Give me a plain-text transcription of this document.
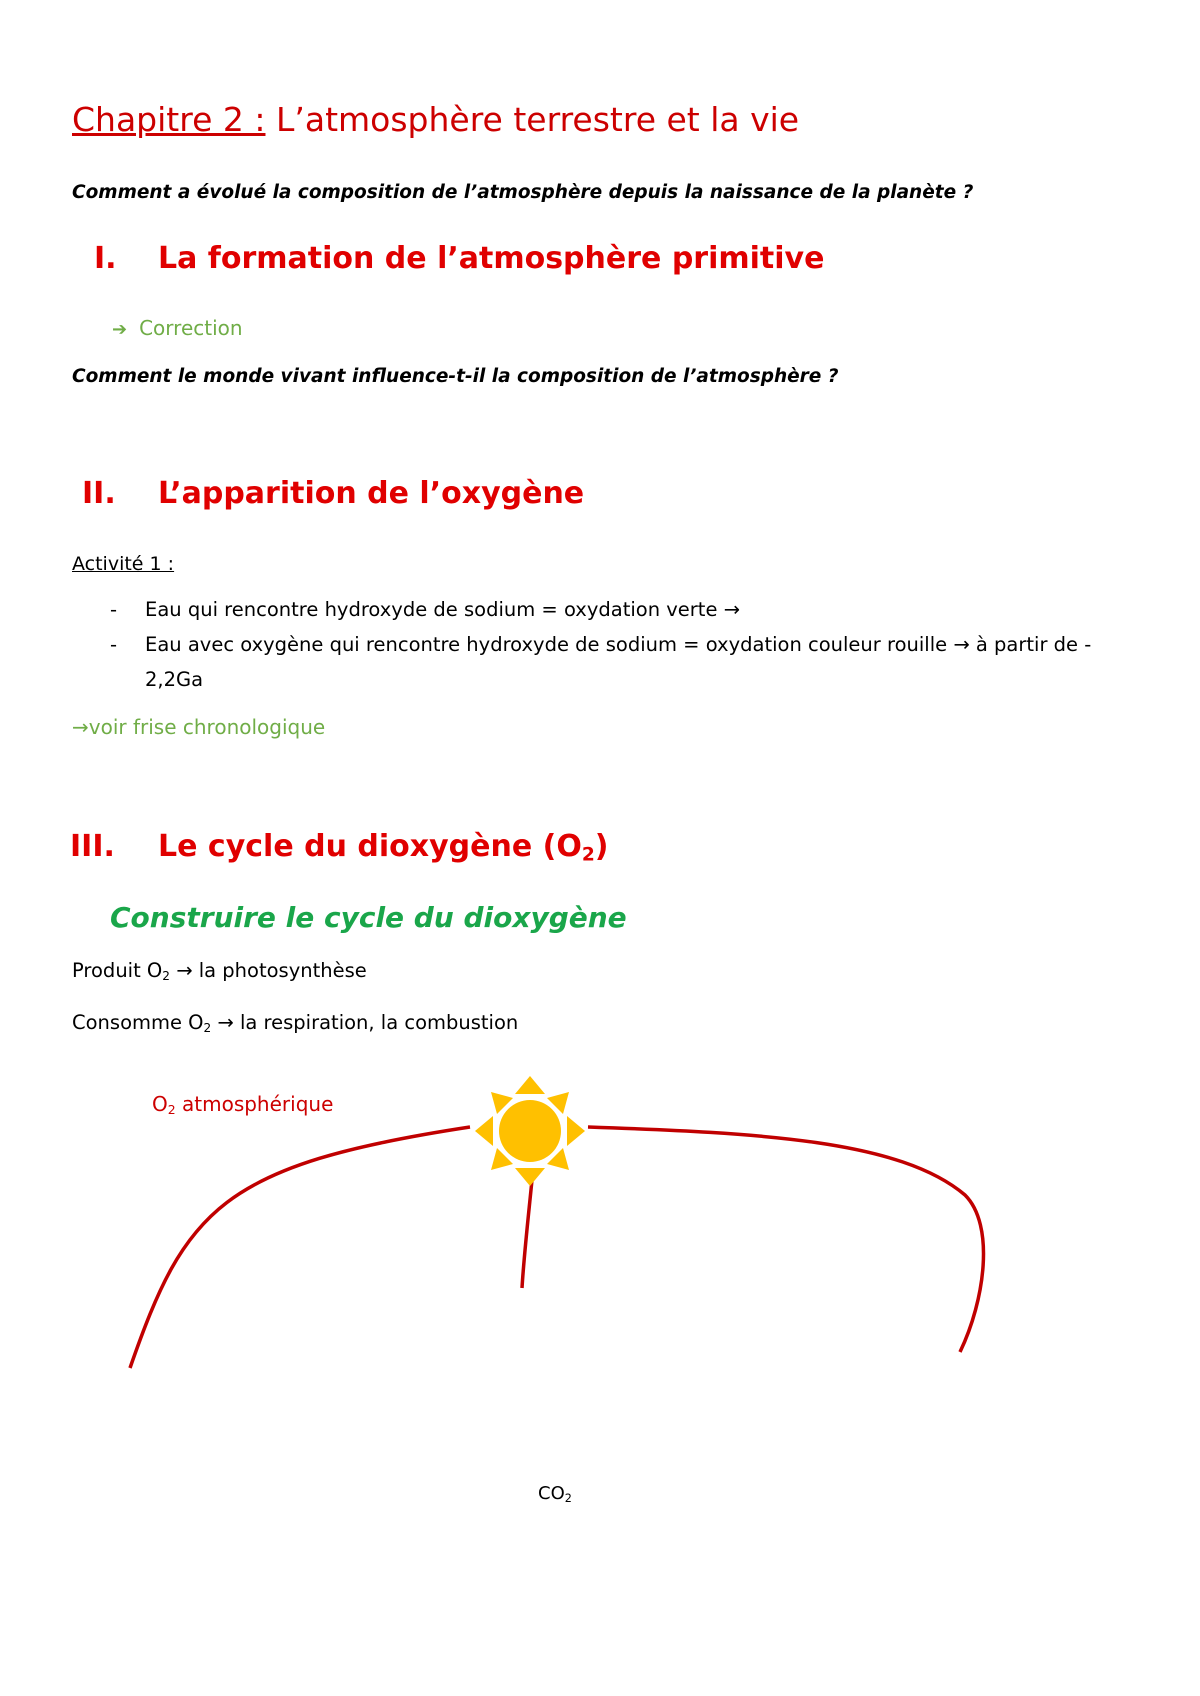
Chapitre 2 : L’atmosphère terrestre et la vie
Comment a évolué la composition de l’atmosphère depuis la naissance de la planète ?
I. La formation de l’atmosphère primitive
➔ Correction
Comment le monde vivant influence-t-il la composition de l’atmosphère ?
II. L’apparition de l’oxygène
Activité 1 :
- Eau qui rencontre hydroxyde de sodium = oxydation verte →
- Eau avec oxygène qui rencontre hydroxyde de sodium = oxydation couleur rouille → à partir de -
2,2Ga
→voir frise chronologique
III. Le cycle du dioxygène $(O_2)$
Construire le cycle du dioxygène
Produit $O_2$ → la photosynthèse
Consomme $O_2$ → la respiration, la combustion
$O_2$ atmosphérique
$CO_2$
